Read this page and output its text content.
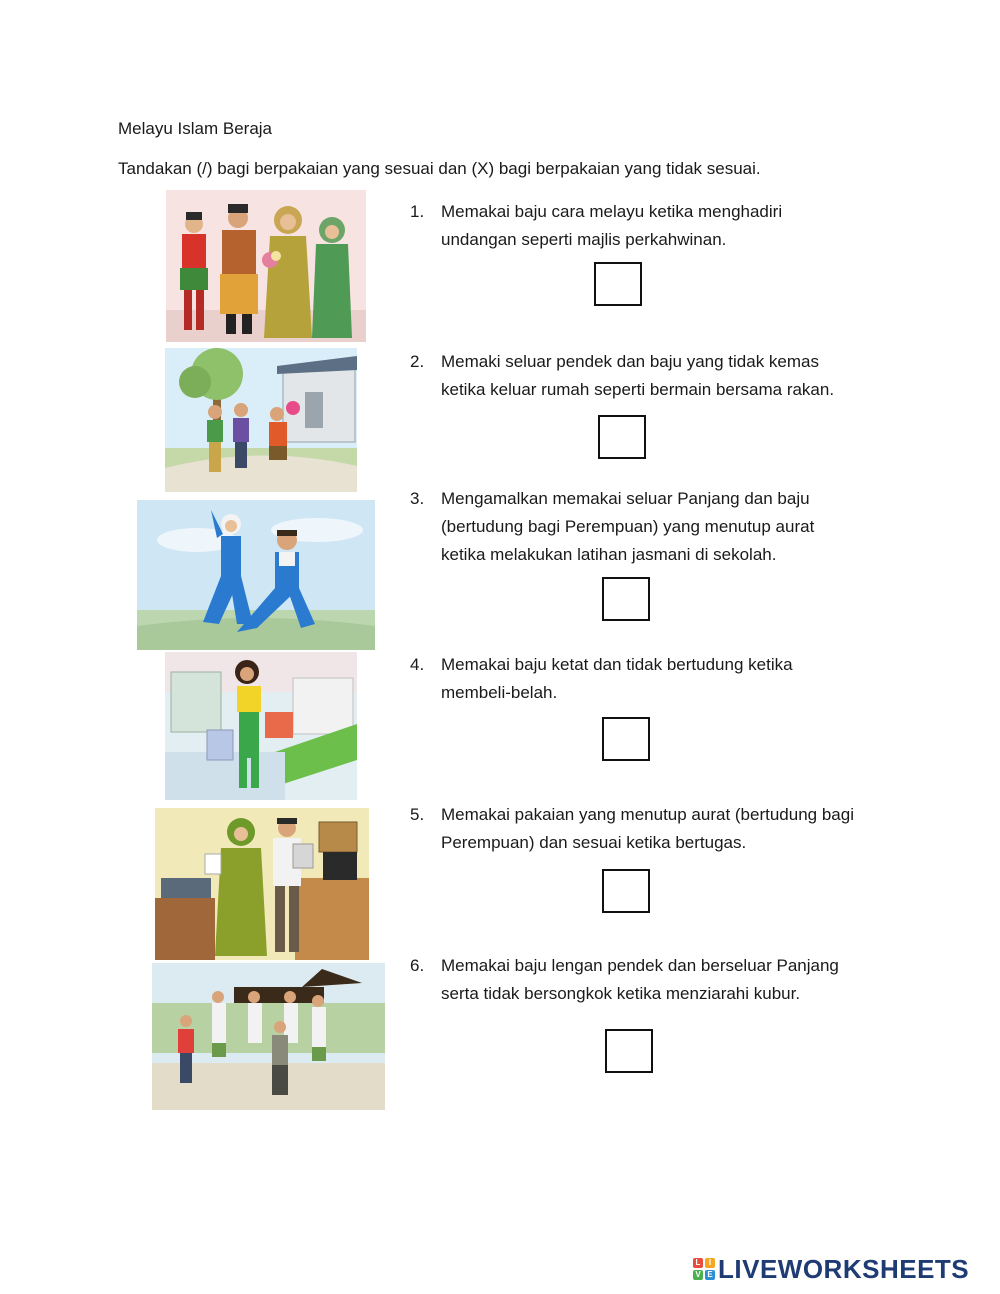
Melayu Islam Beraja
Tandakan (/) bagi berpakaian yang sesuai dan (X) bagi berpakaian yang tidak sesuai.
1. Memakai baju cara melayu ketika menghadiri
undangan seperti majlis perkahwinan.
2. Memaki seluar pendek dan baju yang tidak kemas
ketika keluar rumah seperti bermain bersama rakan.
3. Mengamalkan memakai seluar Panjang dan baju
(bertudung bagi Perempuan) yang menutup aurat
ketika melakukan latihan jasmani di sekolah.
4. Memakai baju ketat dan tidak bertudung ketika
membeli-belah.
5. Memakai pakaian yang menutup aurat (bertudung bagi
Perempuan) dan sesuai ketika bertugas.
6. Memakai baju lengan pendek dan berseluar Panjang
serta tidak bersongkok ketika menziarahi kubur.
L	I
V E LIVEWORKSHEETS
